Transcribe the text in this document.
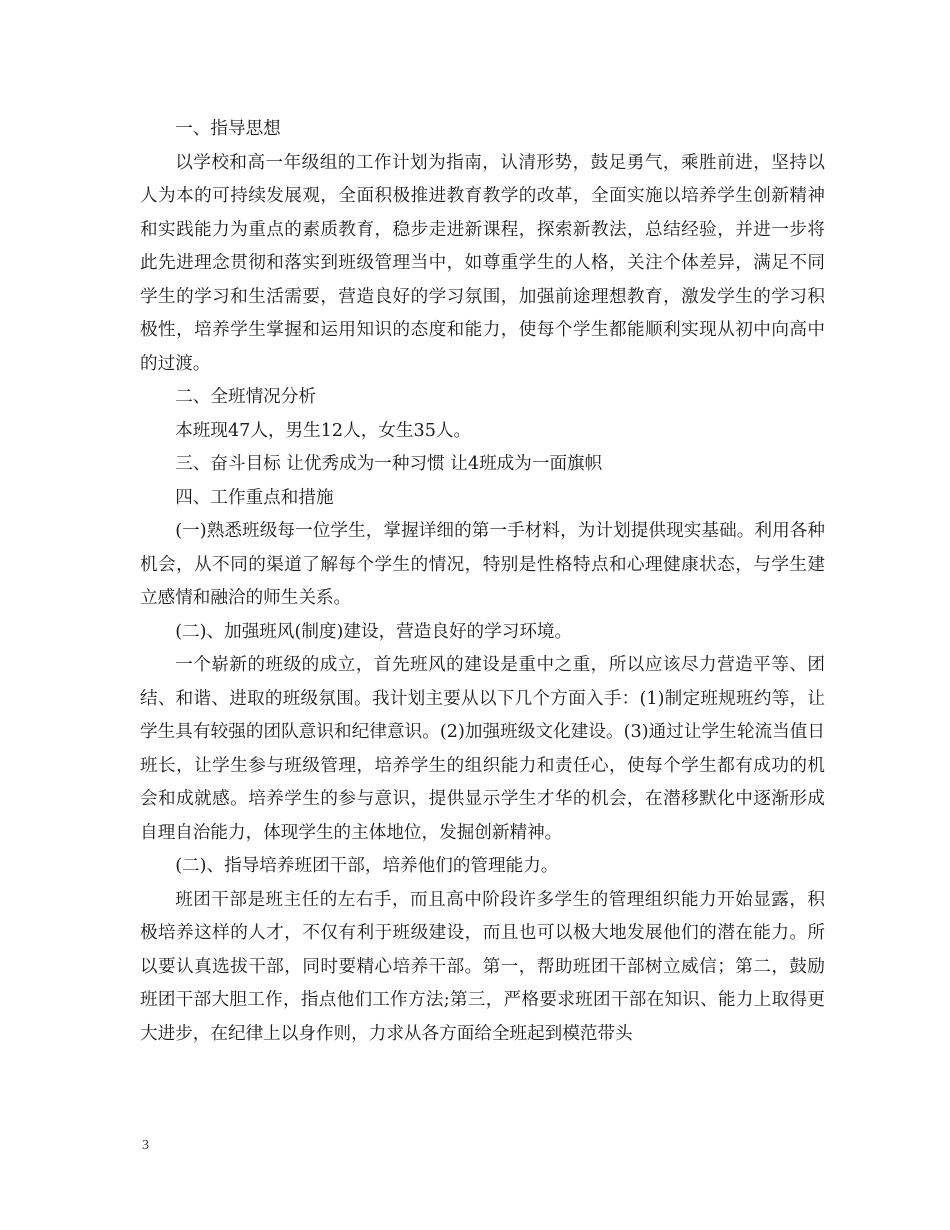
一、指导思想

以学校和高一年级组的工作计划为指南，认清形势，鼓足勇气，乘胜前进，坚持以人为本的可持续发展观，全面积极推进教育教学的改革，全面实施以培养学生创新精神和实践能力为重点的素质教育，稳步走进新课程，探索新教法，总结经验，并进一步将此先进理念贯彻和落实到班级管理当中，如尊重学生的人格，关注个体差异，满足不同学生的学习和生活需要，营造良好的学习氛围，加强前途理想教育，激发学生的学习积极性，培养学生掌握和运用知识的态度和能力，使每个学生都能顺利实现从初中向高中的过渡。

二、全班情况分析

本班现47人，男生12人，女生35人。

三、奋斗目标 让优秀成为一种习惯 让4班成为一面旗帜

四、工作重点和措施

(一)熟悉班级每一位学生，掌握详细的第一手材料，为计划提供现实基础。利用各种机会，从不同的渠道了解每个学生的情况，特别是性格特点和心理健康状态，与学生建立感情和融洽的师生关系。

(二)、加强班风(制度)建设，营造良好的学习环境。

一个崭新的班级的成立，首先班风的建设是重中之重，所以应该尽力营造平等、团结、和谐、进取的班级氛围。我计划主要从以下几个方面入手：(1)制定班规班约等，让学生具有较强的团队意识和纪律意识。(2)加强班级文化建设。(3)通过让学生轮流当值日班长，让学生参与班级管理，培养学生的组织能力和责任心，使每个学生都有成功的机会和成就感。培养学生的参与意识，提供显示学生才华的机会，在潜移默化中逐渐形成自理自治能力，体现学生的主体地位，发掘创新精神。

(二)、指导培养班团干部，培养他们的管理能力。

班团干部是班主任的左右手，而且高中阶段许多学生的管理组织能力开始显露，积极培养这样的人才，不仅有利于班级建设，而且也可以极大地发展他们的潜在能力。所以要认真选拔干部，同时要精心培养干部。第一，帮助班团干部树立威信；第二，鼓励班团干部大胆工作，指点他们工作方法;第三，严格要求班团干部在知识、能力上取得更大进步，在纪律上以身作则，力求从各方面给全班起到模范带头

3
